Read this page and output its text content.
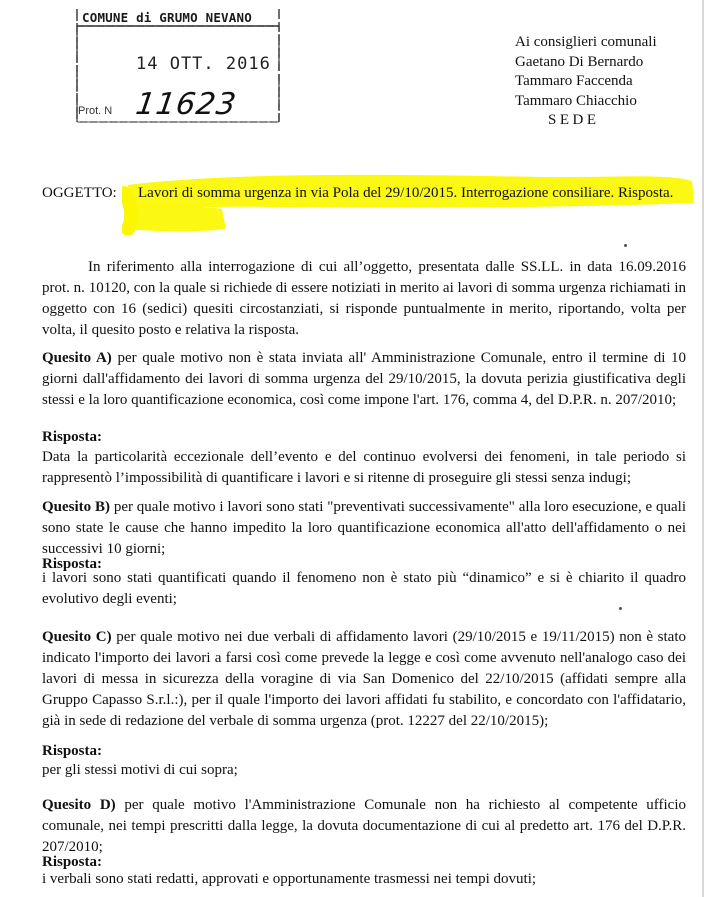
COMUNE di GRUMO NEVANO
14 OTT. 2016
Prot. N 11623
Ai consiglieri comunali
Gaetano Di Bernardo
Tammaro Faccenda
Tammaro Chiacchio
SEDE
OGGETTO: Lavori di somma urgenza in via Pola del 29/10/2015. Interrogazione consiliare. Risposta.
In riferimento alla interrogazione di cui all’oggetto, presentata dalle SS.LL. in data 16.09.2016 prot. n. 10120, con la quale si richiede di essere notiziati in merito ai lavori di somma urgenza richiamati in oggetto con 16 (sedici) quesiti circostanziati, si risponde puntualmente in merito, riportando, volta per volta, il quesito posto e relativa la risposta.
Quesito A) per quale motivo non è stata inviata all' Amministrazione Comunale, entro il termine di 10 giorni dall'affidamento dei lavori di somma urgenza del 29/10/2015, la dovuta perizia giustificativa degli stessi e la loro quantificazione economica, così come impone l'art. 176, comma 4, del D.P.R. n. 207/2010;
Risposta:
Data la particolarità eccezionale dell’evento e del continuo evolversi dei fenomeni, in tale periodo si rappresentò l’impossibilità di quantificare i lavori e si ritenne di proseguire gli stessi senza indugi;
Quesito B) per quale motivo i lavori sono stati "preventivati successivamente" alla loro esecuzione, e quali sono state le cause che hanno impedito la loro quantificazione economica all'atto dell'affidamento o nei successivi 10 giorni;
Risposta:
i lavori sono stati quantificati quando il fenomeno non è stato più “dinamico” e si è chiarito il quadro evolutivo degli eventi;
Quesito C) per quale motivo nei due verbali di affidamento lavori (29/10/2015 e 19/11/2015) non è stato indicato l'importo dei lavori a farsi così come prevede la legge e così come avvenuto nell'analogo caso dei lavori di messa in sicurezza della voragine di via San Domenico del 22/10/2015 (affidati sempre alla Gruppo Capasso S.r.l.:), per il quale l'importo dei lavori affidati fu stabilito, e concordato con l'affidatario, già in sede di redazione del verbale di somma urgenza (prot. 12227 del 22/10/2015);
Risposta:
per gli stessi motivi di cui sopra;
Quesito D) per quale motivo l'Amministrazione Comunale non ha richiesto al competente ufficio comunale, nei tempi prescritti dalla legge, la dovuta documentazione di cui al predetto art. 176 del D.P.R. 207/2010;
Risposta:
i verbali sono stati redatti, approvati e opportunamente trasmessi nei tempi dovuti;
